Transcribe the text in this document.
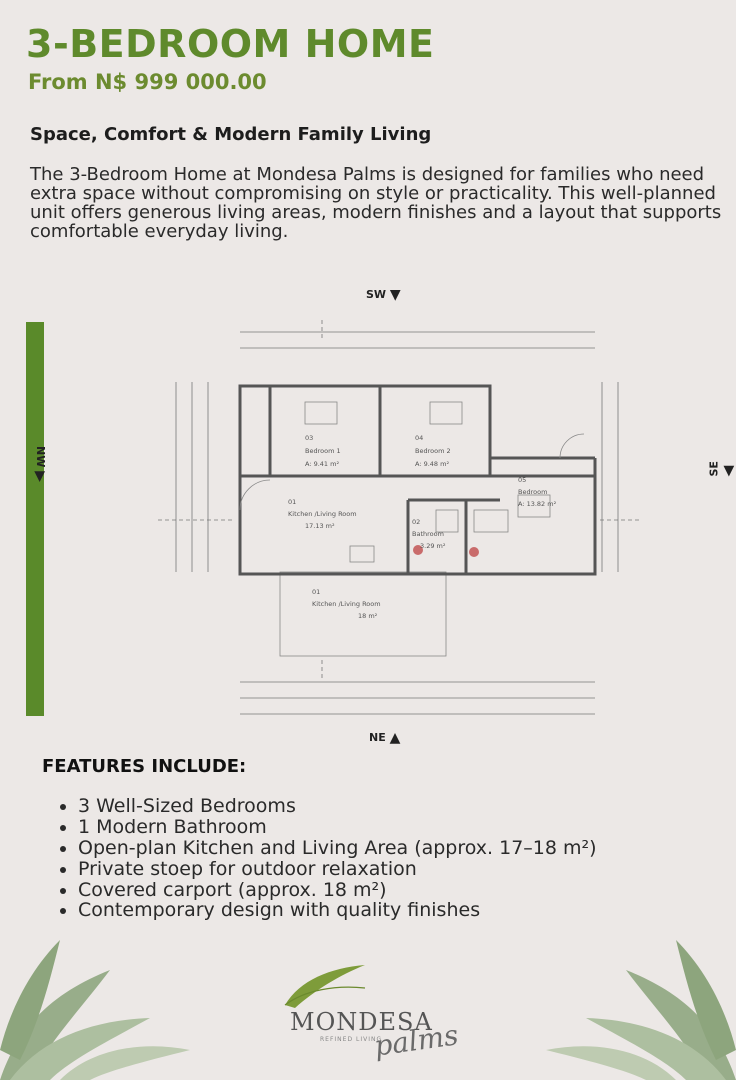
3-BEDROOM HOME
From N$ 999 000.00
Space, Comfort & Modern Family Living

The 3-Bedroom Home at Mondesa Palms is designed for families who need extra space without compromising on style or practicality. This well-planned unit offers generous living areas, modern finishes and a layout that supports comfortable everyday living.

SW ▼
NE ▲
NW ▶
SE ◀
03
Bedroom 1
A: 9.41 m²
04
Bedroom 2
A: 9.48 m²
05
Bedroom
A: 13.82 m²
01
Kitchen /Living Room
17.13 m²	02
Bathroom
3.29 m²
01
Kitchen /Living Room
18 m²
FEATURES INCLUDE:
• 3 Well-Sized Bedrooms
• 1 Modern Bathroom
• Open-plan Kitchen and Living Area (approx. 17–18 m²)
• Private stoep for outdoor relaxation
• Covered carport (approx. 18 m²)
• Contemporary design with quality finishes
MONDESA
REFINED LIVING
palms
